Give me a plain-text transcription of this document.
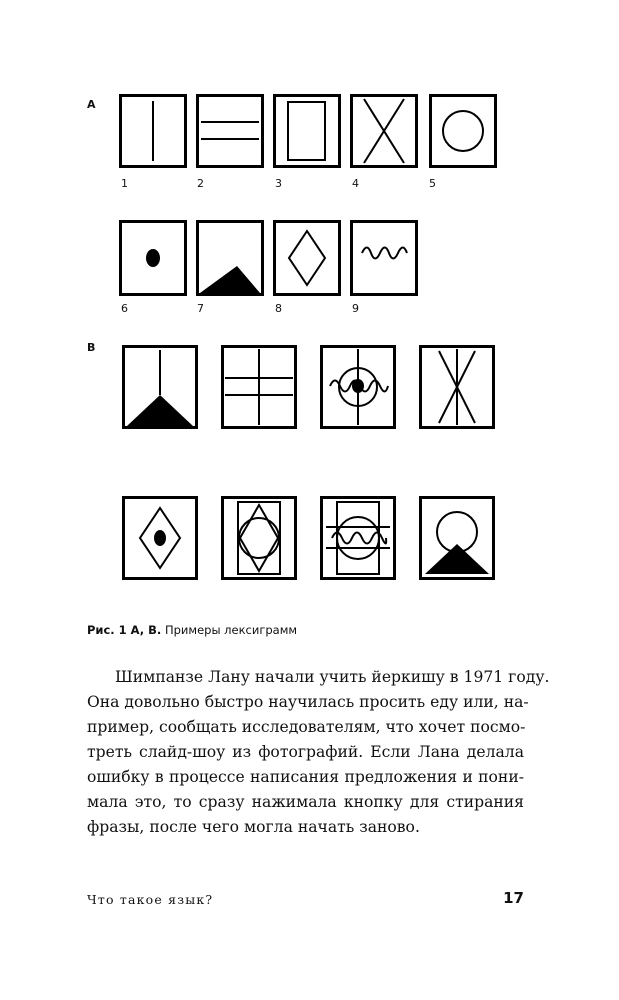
A
1	2	3	4	5
6	7	8	9
B
Рис. 1 A, B. Примеры лексиграмм
Шимпанзе Лану начали учить йеркишу в 1971 году.
Она довольно быстро научилась просить еду или, на-
пример, сообщать исследователям, что хочет посмо-
треть слайд-шоу из фотографий. Если Лана делала
ошибку в процессе написания предложения и пони-
мала это, то сразу нажимала кнопку для стирания
фразы, после чего могла начать заново.
Что такое язык?	17
